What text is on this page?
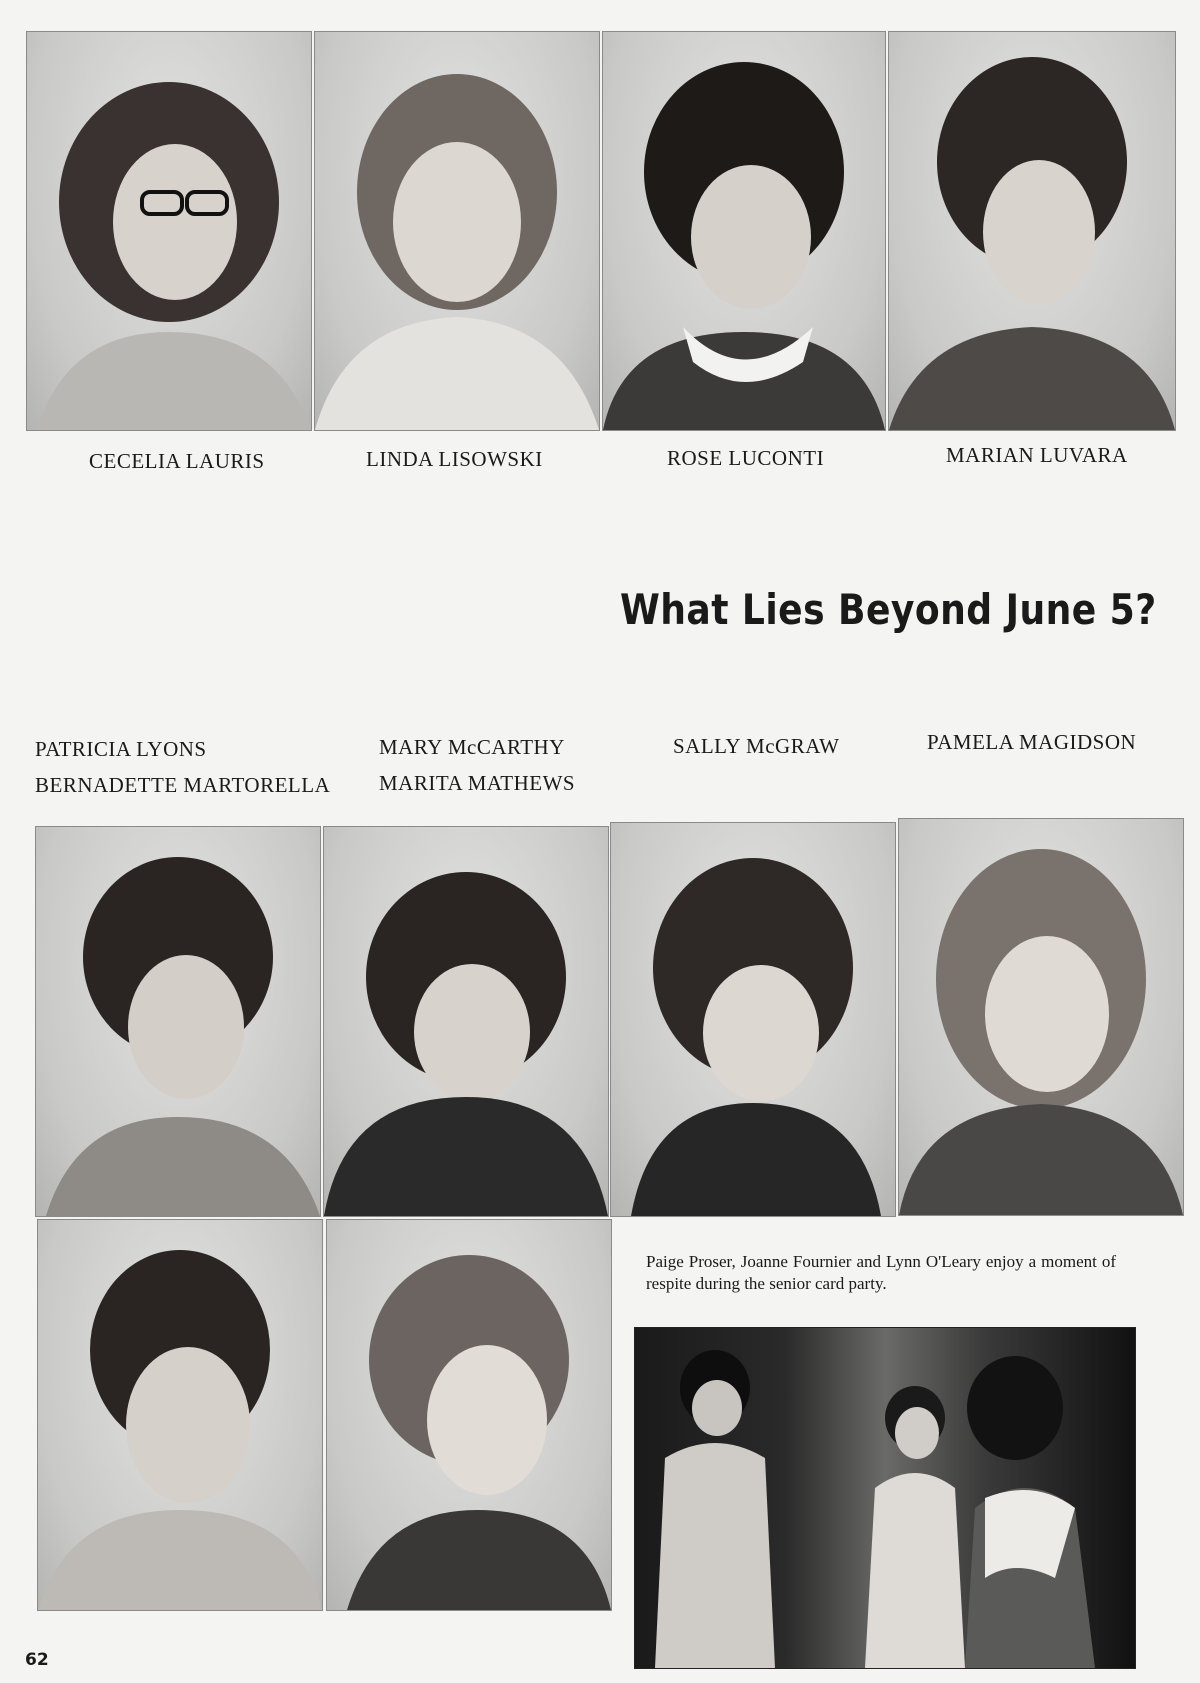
CECELIA LAURIS	LINDA LISOWSKI	ROSE LUCONTI	MARIAN LUVARA
What Lies Beyond June 5?
PATRICIA LYONS
BERNADETTE MARTORELLA
MARY McCARTHY
MARITA MATHEWS
SALLY McGRAW	PAMELA MAGIDSON
Paige Proser, Joanne Fournier and Lynn O'Leary enjoy a moment of respite during the senior card party.
62
